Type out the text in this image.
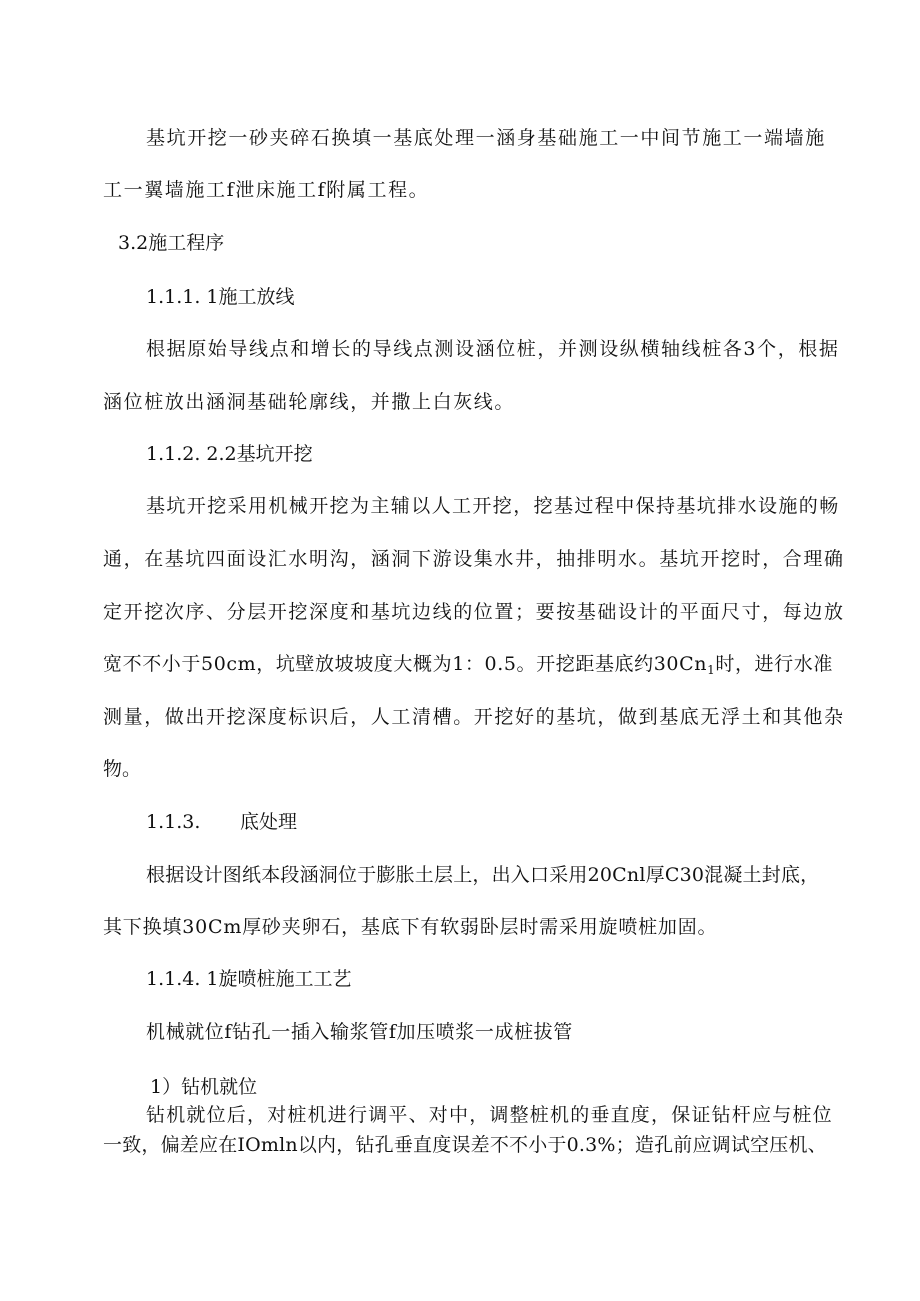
基坑开挖一砂夹碎石换填一基底处理一涵身基础施工一中间节施工一端墙施
工一翼墙施工f泄床施工f附属工程。
3.2施工程序
1.1.1. 1施工放线
根据原始导线点和增长的导线点测设涵位桩，并测设纵横轴线桩各3个，根据
涵位桩放出涵洞基础轮廓线，并撒上白灰线。
1.1.2. 2.2基坑开挖
基坑开挖采用机械开挖为主辅以人工开挖，挖基过程中保持基坑排水设施的畅
通，在基坑四面设汇水明沟，涵洞下游设集水井，抽排明水。基坑开挖时，合理确
定开挖次序、分层开挖深度和基坑边线的位置；要按基础设计的平面尺寸，每边放
宽不不小于50cm，坑壁放坡坡度大概为1：0.5。开挖距基底约$30Cn_1$时，进行水准
测量，做出开挖深度标识后，人工清槽。开挖好的基坑，做到基底无浮土和其他杂
物。
1.1.3. 底处理
根据设计图纸本段涵洞位于膨胀土层上，出入口采用20Cnl厚C30混凝土封底，
其下换填30Cm厚砂夹卵石，基底下有软弱卧层时需采用旋喷桩加固。
1.1.4. 1旋喷桩施工工艺
机械就位f钻孔一插入输浆管f加压喷浆一成桩拔管
1）钻机就位
钻机就位后，对桩机进行调平、对中，调整桩机的垂直度，保证钻杆应与桩位
一致，偏差应在IOmln以内，钻孔垂直度误差不不小于0.3%；造孔前应调试空压机、
